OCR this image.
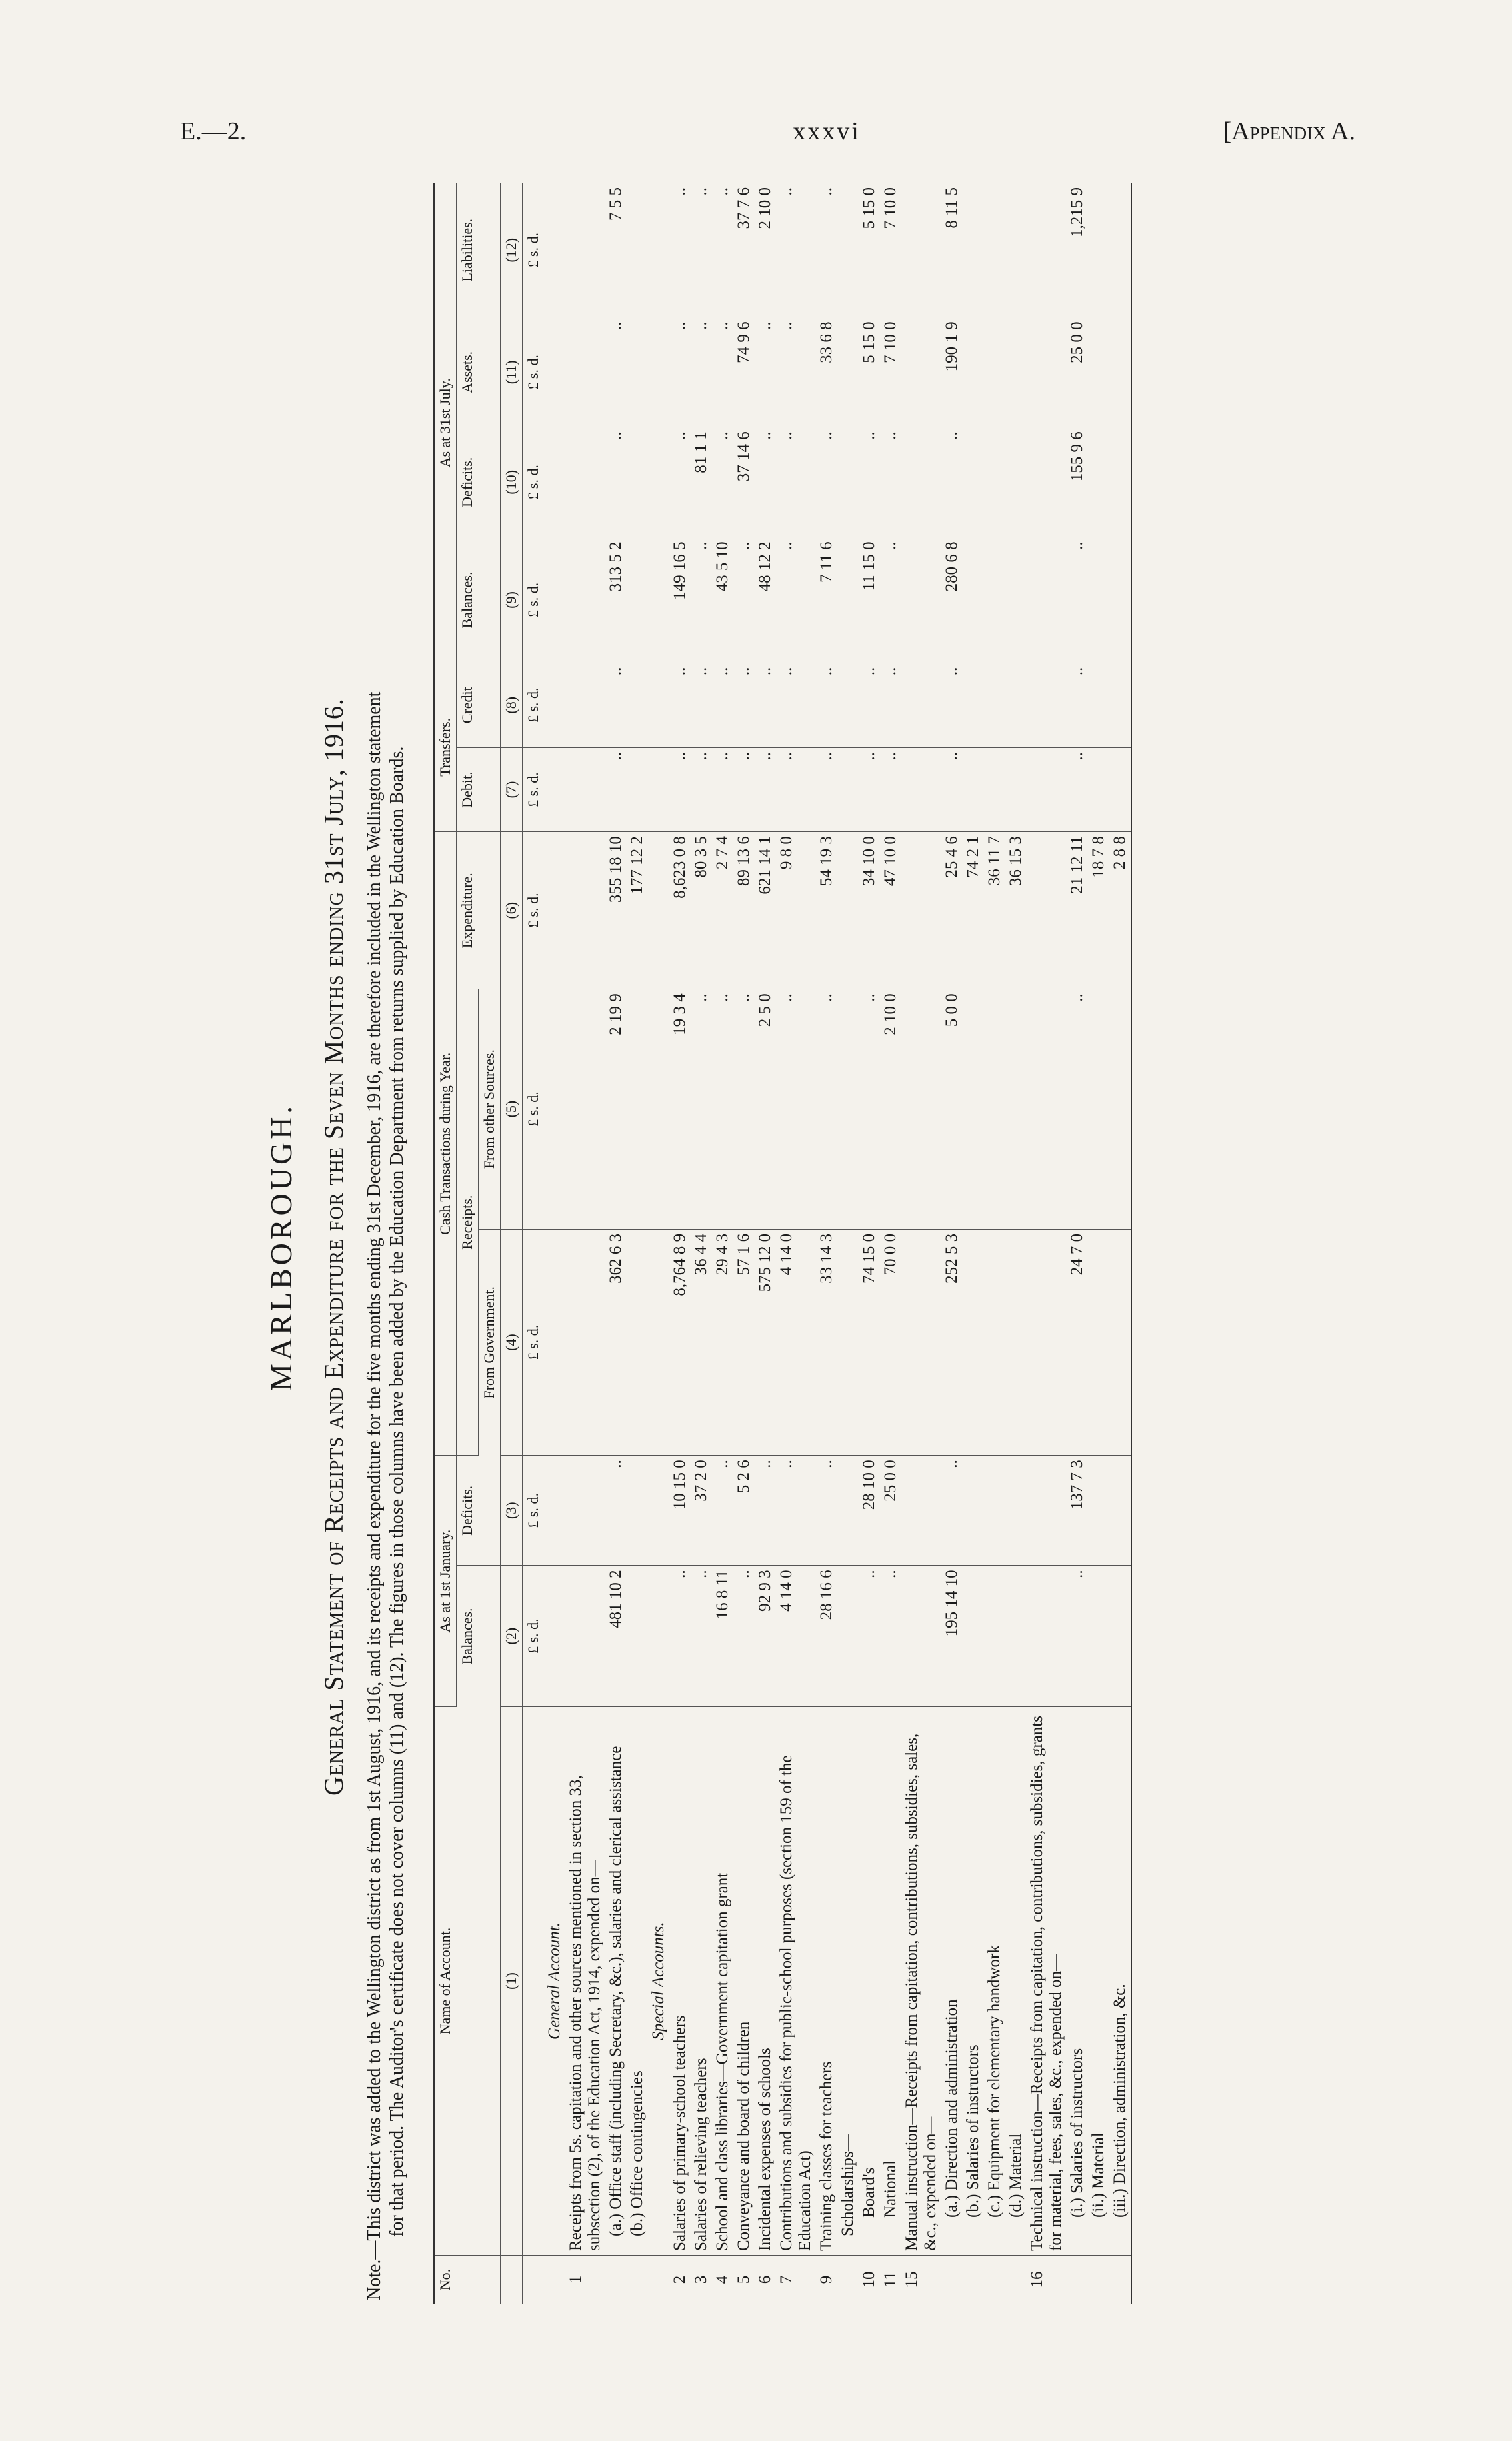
E.—2.	xxxvi	[Appendix A.
MARLBOROUGH. General Statement of Receipts and Expenditure for the Seven Months ending 31st July, 1916. Note.—This district was added to the Wellington district as from 1st August, 1916, and its receipts and expenditure for the five months ending 31st December, 1916, are therefore included in the Wellington statement for that period. The Auditor's certificate does not cover columns (11) and (12). The figures in those columns have been added by the Education Department from returns supplied by Education Boards.
No.	Name of Account.	As at 1st January.		Cash Transactions during Year.			Transfers.		As at 31st July.			
		Balances.	Deficits.	Receipts.		Expenditure.	Debit.	Credit	Balances.	Deficits.	Assets.	Liabilities.
				From Government.	From other Sources.							
	(1)	(2)	(3)	(4)	(5)	(6)	(7)	(8)	(9)	(10)	(11)	(12)
		£ s. d.	£ s. d.	£ s. d.	£ s. d.	£ s. d.	£ s. d.	£ s. d.	£ s. d.	£ s. d.	£ s. d.	£ s. d.
	General Account.											
1	Receipts from 5s. capitation and other sources mentioned in section 33, subsection (2), of the Education Act, 1914, expended on—											
	(a.) Office staff (including Secretary, &c.), salaries and clerical assistance	481 10 2	..	362 6 3	2 19 9	355 18 10	..	..	313 5 2	..	..	7 5 5
	(b.) Office contingencies					177 12 2						
	Special Accounts.											
2	Salaries of primary-school teachers	..	10 15 0	8,764 8 9	19 3 4	8,623 0 8	..	..	149 16 5	..	..	..
3	Salaries of relieving teachers	..	37 2 0	36 4 4	..	80 3 5	..	..	..	81 1 1	..	..
4	School and class libraries—Government capitation grant	16 8 11	..	29 4 3	..	2 7 4	..	..	43 5 10	..	..	..
5	Conveyance and board of children	..	5 2 6	57 1 6	..	89 13 6	..	..	..	37 14 6	74 9 6	37 7 6
6	Incidental expenses of schools	92 9 3	..	575 12 0	2 5 0	621 14 1	..	..	48 12 2	..	..	2 10 0
7	Contributions and subsidies for public-school purposes (section 159 of the Education Act)	4 14 0	..	4 14 0	..	9 8 0	..	..	..	..	..	..
9	Training classes for teachers	28 16 6	..	33 14 3	..	54 19 3	..	..	7 11 6	..	33 6 8	..
	Scholarships—											
10	Board's	..	28 10 0	74 15 0	..	34 10 0	..	..	11 15 0	..	5 15 0	5 15 0
11	National	..	25 0 0	70 0 0	2 10 0	47 10 0	..	..	..	..	7 10 0	7 10 0
15	Manual instruction—Receipts from capitation, contributions, subsidies, sales, &c., expended on—											
	(a.) Direction and administration	195 14 10	..	252 5 3	5 0 0	25 4 6	..	..	280 6 8	..	190 1 9	8 11 5
	(b.) Salaries of instructors					74 2 1						
	(c.) Equipment for elementary handwork					36 11 7						
	(d.) Material					36 15 3						
16	Technical instruction—Receipts from capitation, contributions, subsidies, grants for material, fees, sales, &c., expended on—											
	(i.) Salaries of instructors	..	137 7 3	24 7 0	..	21 12 11	..	..	..	155 9 6	25 0 0	1,215 9
	(ii.) Material					18 7 8						
	(iii.) Direction, administration, &c.					2 8 8						
